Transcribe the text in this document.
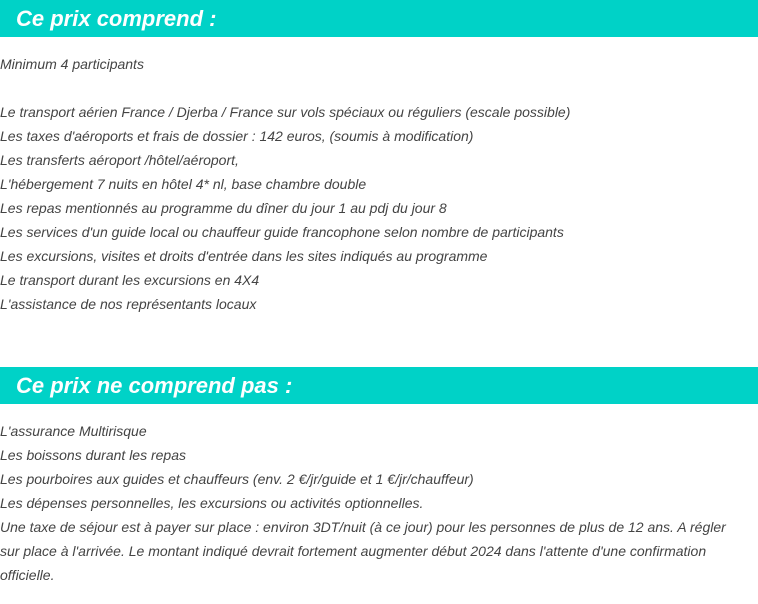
Ce prix comprend :
Minimum 4 participants
Le transport aérien France / Djerba / France sur vols spéciaux ou réguliers (escale possible)
Les taxes d'aéroports et frais de dossier : 142 euros, (soumis à modification)
Les transferts aéroport /hôtel/aéroport,
L'hébergement 7 nuits en hôtel 4* nl, base chambre double
Les repas mentionnés au programme du dîner du jour 1 au pdj du jour 8
Les services d'un guide local ou chauffeur guide francophone selon nombre de participants
Les excursions, visites et droits d'entrée dans les sites indiqués au programme
Le transport durant les excursions en 4X4
L'assistance de nos représentants locaux
Ce prix ne comprend pas :
L'assurance Multirisque
Les boissons durant les repas
Les pourboires aux guides et chauffeurs (env. 2 €/jr/guide et 1 €/jr/chauffeur)
Les dépenses personnelles, les excursions ou activités optionnelles.
Une taxe de séjour est à payer sur place : environ 3DT/nuit (à ce jour) pour les personnes de plus de 12 ans. A régler sur place à l'arrivée. Le montant indiqué devrait fortement augmenter début 2024 dans l'attente d'une confirmation officielle.
